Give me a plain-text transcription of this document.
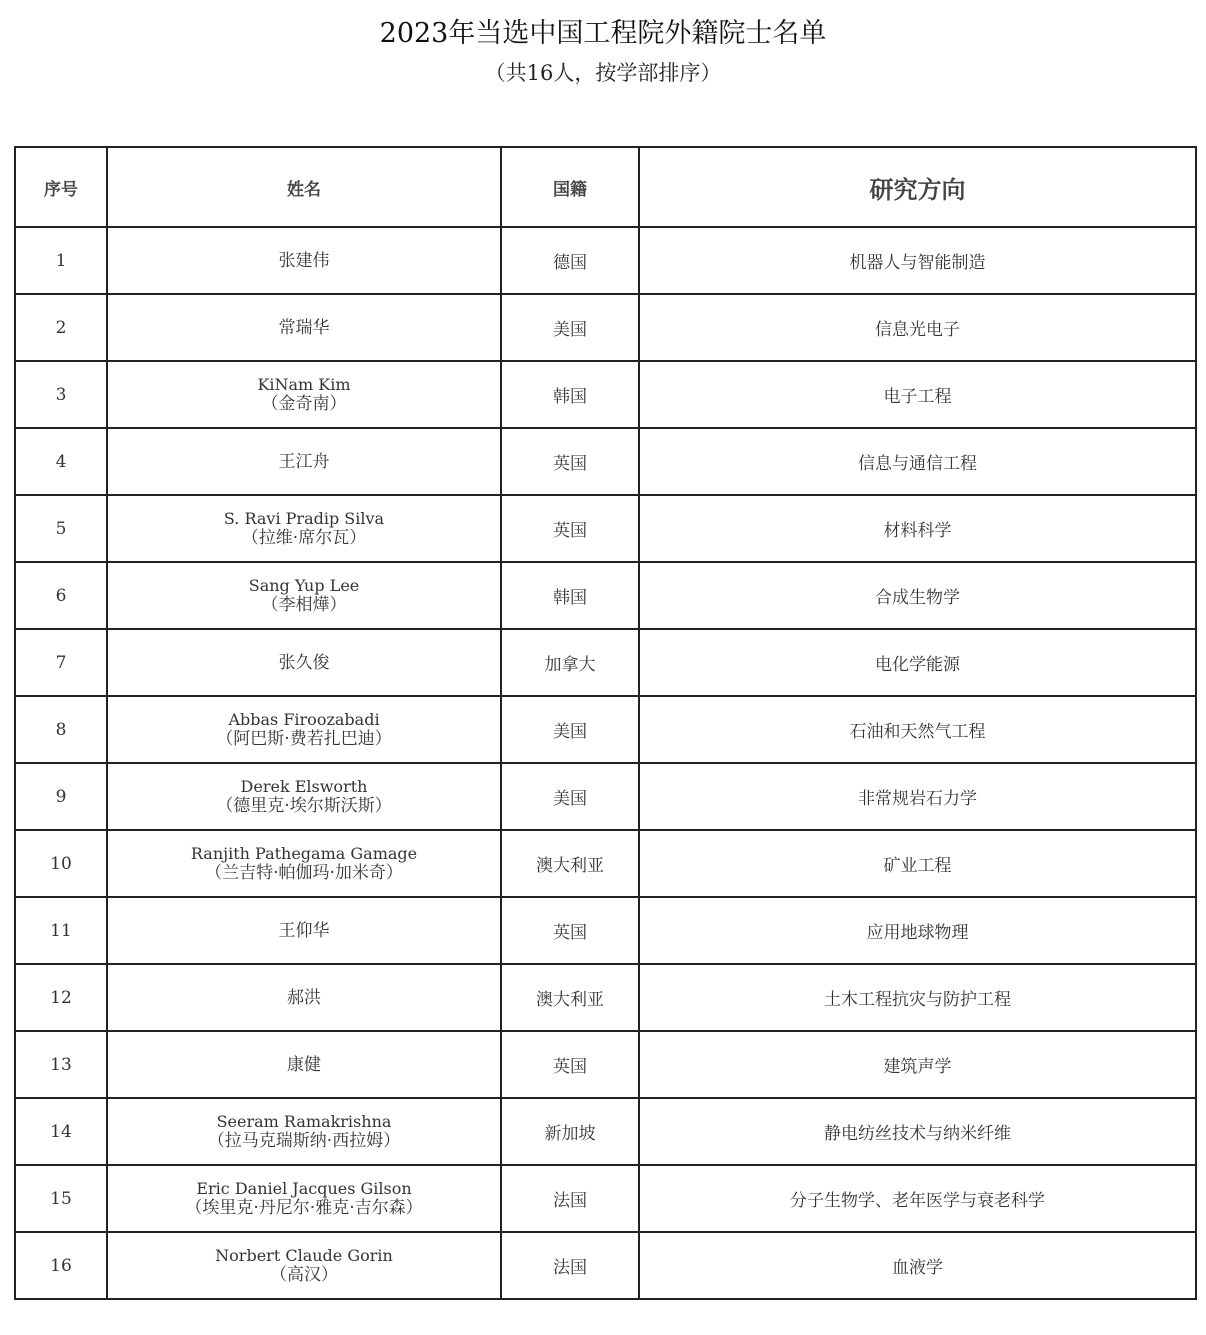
2023年当选中国工程院外籍院士名单
（共16人，按学部排序）
序号	姓名	国籍	研究方向
1	张建伟	德国	机器人与智能制造
2	常瑞华	美国	信息光电子
3	KiNam Kim
（金奇南）	韩国	电子工程
4	王江舟	英国	信息与通信工程
5	S. Ravi Pradip Silva
（拉维·席尔瓦）	英国	材料科学
6	Sang Yup Lee
（李相燁）	韩国	合成生物学
7	张久俊	加拿大	电化学能源
8	Abbas Firoozabadi
（阿巴斯·费若扎巴迪）	美国	石油和天然气工程
9	Derek Elsworth
（德里克·埃尔斯沃斯）	美国	非常规岩石力学
10	Ranjith Pathegama Gamage
（兰吉特·帕伽玛·加米奇）	澳大利亚	矿业工程
11	王仰华	英国	应用地球物理
12	郝洪	澳大利亚	土木工程抗灾与防护工程
13	康健	英国	建筑声学
14	Seeram Ramakrishna
（拉马克瑞斯纳·西拉姆）	新加坡	静电纺丝技术与纳米纤维
15	Eric Daniel Jacques Gilson
（埃里克·丹尼尔·雅克·吉尔森）	法国	分子生物学、老年医学与衰老科学
16	Norbert Claude Gorin
（高汉）	法国	血液学
